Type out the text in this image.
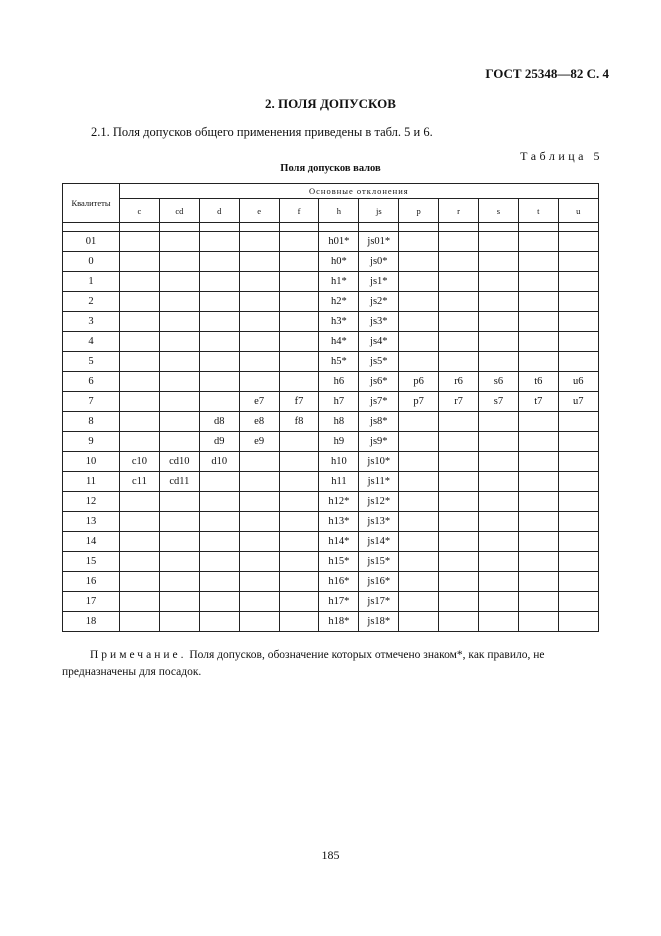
ГОСТ 25348—82 С. 4
2. ПОЛЯ ДОПУСКОВ
2.1. Поля допусков общего применения приведены в табл. 5 и 6.
Таблица 5
Поля допусков валов
Квалитеты	Основные отклонения											
	c	cd	d	e	f	h	js	p	r	s	t	u

01						h01*	js01*					
0						h0*	js0*					
1						h1*	js1*					
2						h2*	js2*					
3						h3*	js3*					
4						h4*	js4*					
5						h5*	js5*					
6						h6	js6*	p6	r6	s6	t6	u6
7				e7	f7	h7	js7*	p7	r7	s7	t7	u7
8			d8	e8	f8	h8	js8*					
9			d9	e9		h9	js9*					
10	c10	cd10	d10			h10	js10*					
11	c11	cd11				h11	js11*					
12						h12*	js12*					
13						h13*	js13*					
14						h14*	js14*					
15						h15*	js15*					
16						h16*	js16*					
17						h17*	js17*					
18						h18*	js18*					
Примечание. Поля допусков, обозначение которых отмечено знаком*, как правило, не предназначены для посадок.
185
